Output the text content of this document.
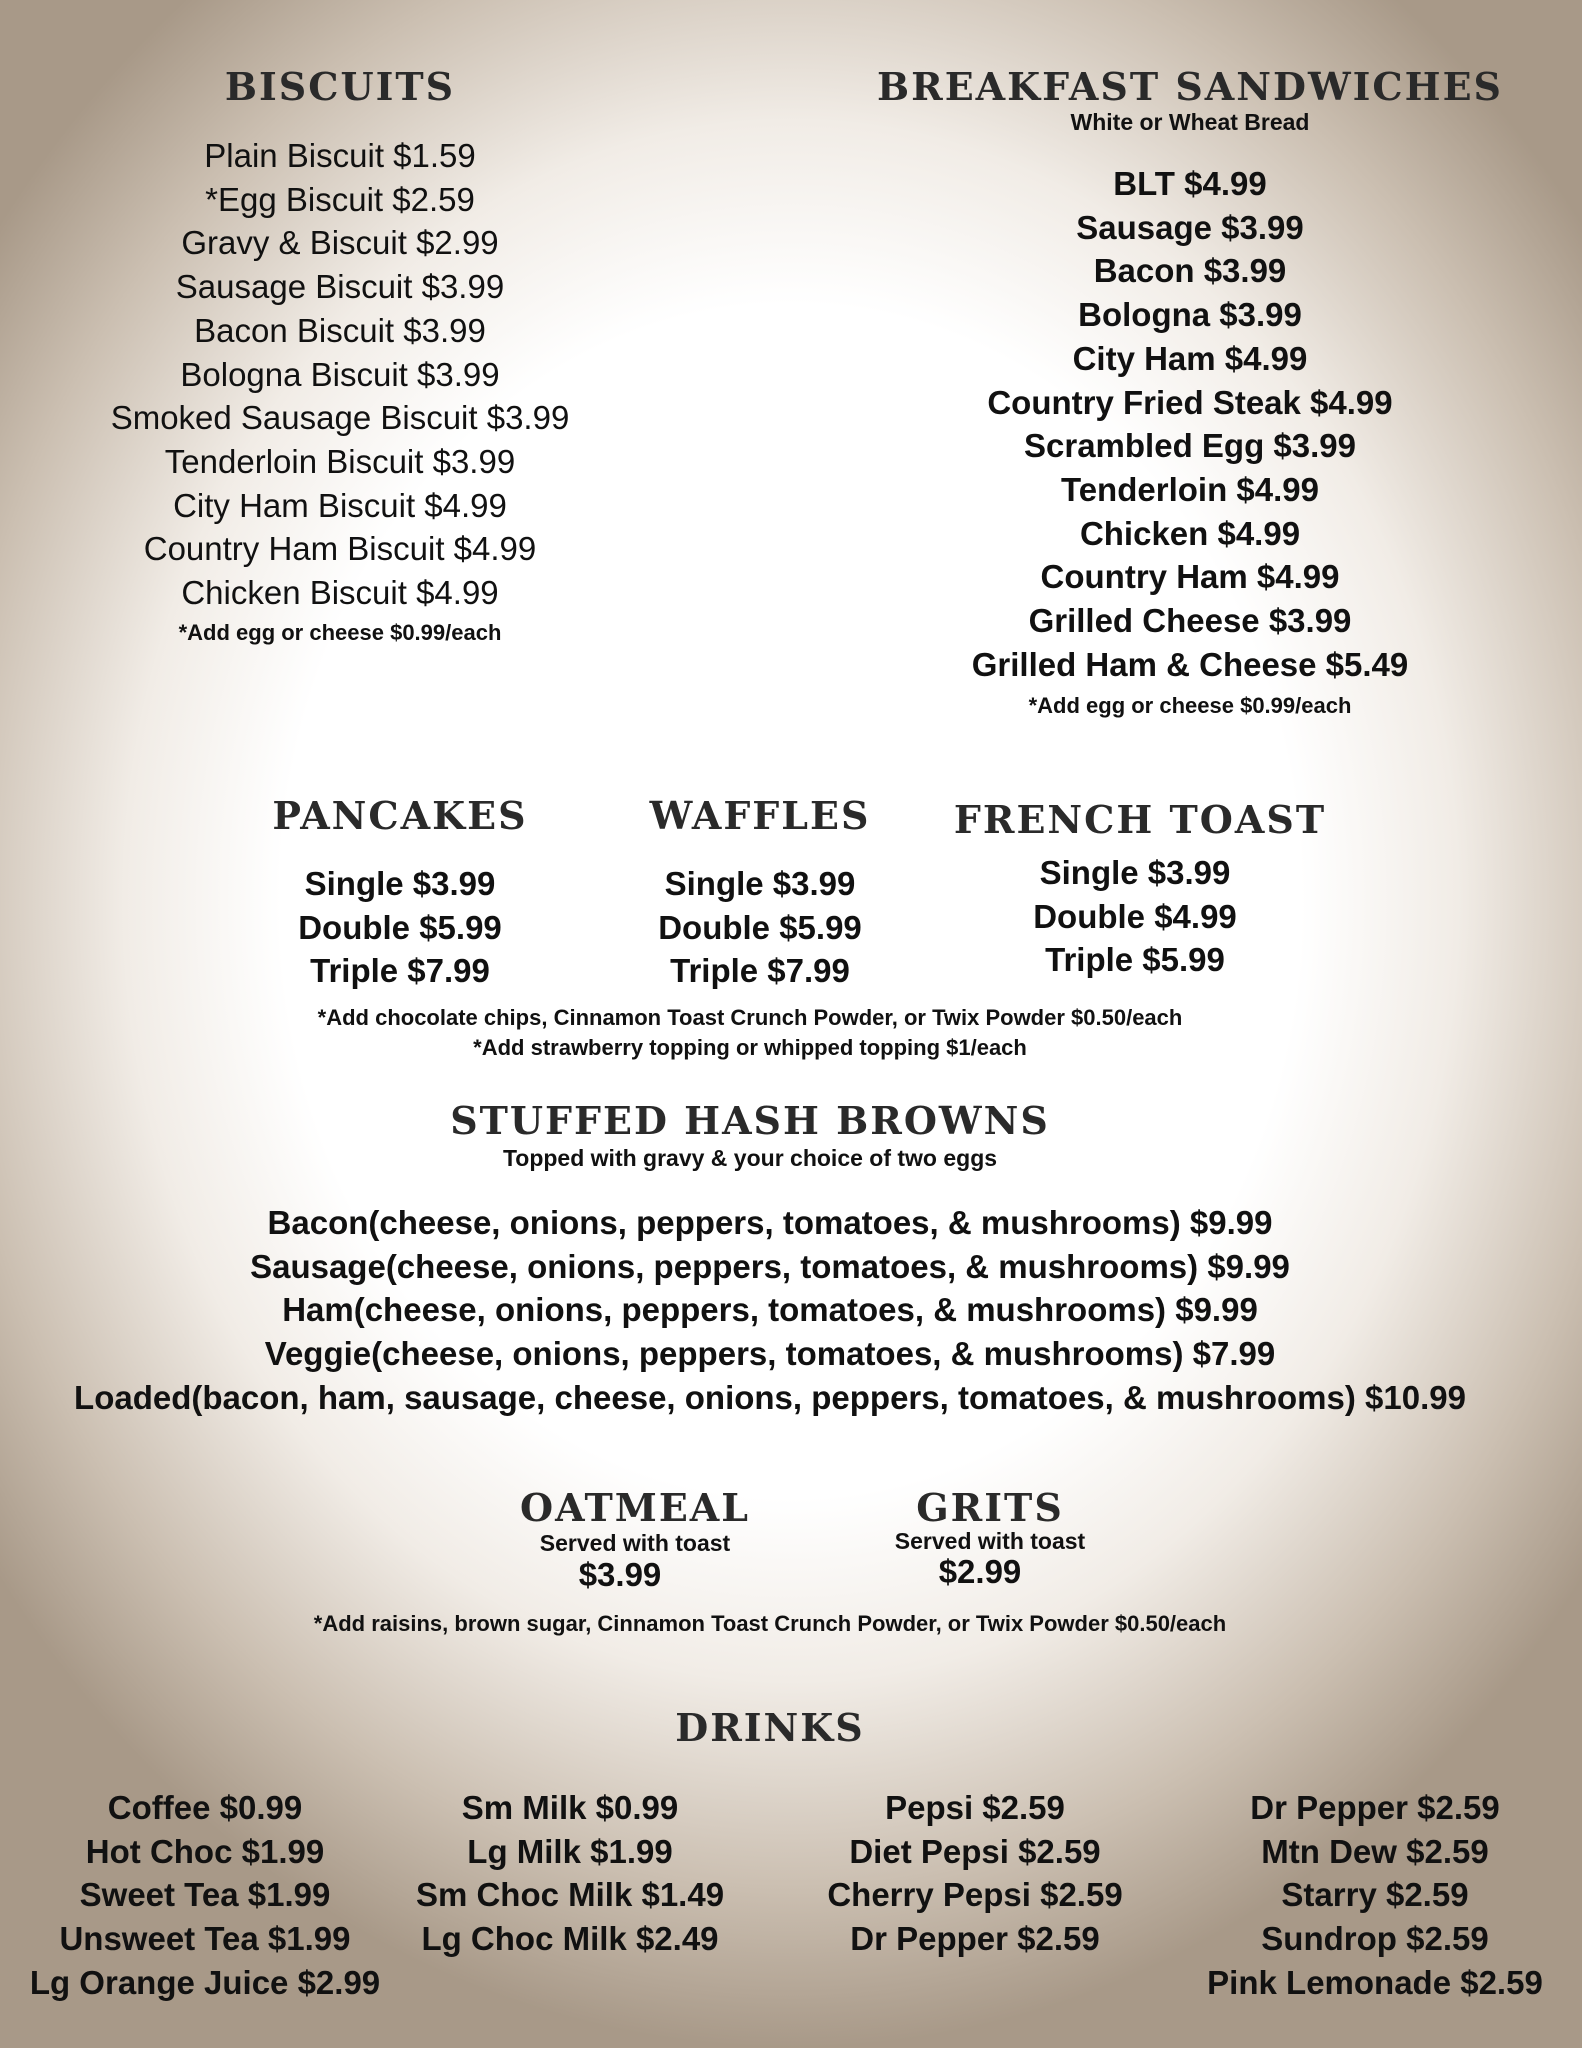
BISCUITS
Plain Biscuit $1.59
*Egg Biscuit $2.59
Gravy & Biscuit $2.99
Sausage Biscuit $3.99
Bacon Biscuit $3.99
Bologna Biscuit $3.99
Smoked Sausage Biscuit $3.99
Tenderloin Biscuit $3.99
City Ham Biscuit $4.99
Country Ham Biscuit $4.99
Chicken Biscuit $4.99
*Add egg or cheese $0.99/each
BREAKFAST SANDWICHES
White or Wheat Bread
BLT $4.99
Sausage $3.99
Bacon $3.99
Bologna $3.99
City Ham $4.99
Country Fried Steak $4.99
Scrambled Egg $3.99
Tenderloin $4.99
Chicken $4.99
Country Ham $4.99
Grilled Cheese $3.99
Grilled Ham & Cheese $5.49
*Add egg or cheese $0.99/each
PANCAKES
Single $3.99
Double $5.99
Triple $7.99
WAFFLES
Single $3.99
Double $5.99
Triple $7.99
FRENCH TOAST
Single $3.99
Double $4.99
Triple $5.99
*Add chocolate chips, Cinnamon Toast Crunch Powder, or Twix Powder $0.50/each
*Add strawberry topping or whipped topping $1/each
STUFFED HASH BROWNS
Topped with gravy & your choice of two eggs
Bacon(cheese, onions, peppers, tomatoes, & mushrooms) $9.99
Sausage(cheese, onions, peppers, tomatoes, & mushrooms) $9.99
Ham(cheese, onions, peppers, tomatoes, & mushrooms) $9.99
Veggie(cheese, onions, peppers, tomatoes, & mushrooms) $7.99
Loaded(bacon, ham, sausage, cheese, onions, peppers, tomatoes, & mushrooms) $10.99
OATMEAL
Served with toast
$3.99
GRITS
Served with toast
$2.99
*Add raisins, brown sugar, Cinnamon Toast Crunch Powder, or Twix Powder $0.50/each
DRINKS
Coffee $0.99
Hot Choc $1.99
Sweet Tea $1.99
Unsweet Tea $1.99
Lg Orange Juice $2.99
Sm Milk $0.99
Lg Milk $1.99
Sm Choc Milk $1.49
Lg Choc Milk $2.49
Pepsi $2.59
Diet Pepsi $2.59
Cherry Pepsi $2.59
Dr Pepper $2.59
Dr Pepper $2.59
Mtn Dew $2.59
Starry $2.59
Sundrop $2.59
Pink Lemonade $2.59
